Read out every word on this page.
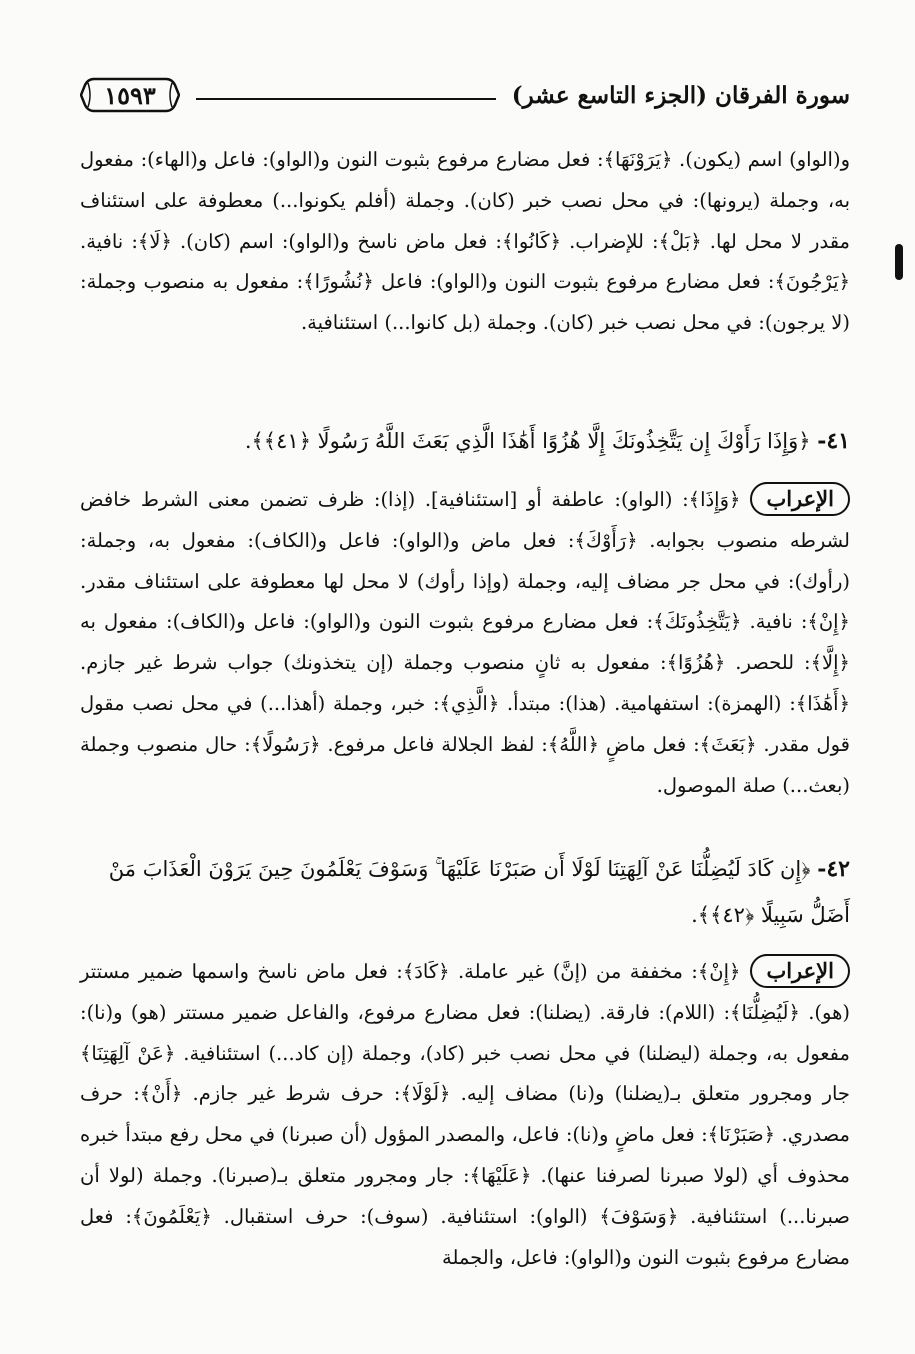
سورة الفرقان (الجزء التاسع عشر)
١٥٩٣
و(الواو) اسم (يكون). ﴿يَرَوْنَهَا﴾: فعل مضارع مرفوع بثبوت النون و(الواو): فاعل و(الهاء): مفعول به، وجملة (يرونها): في محل نصب خبر (كان). وجملة (أفلم يكونوا...) معطوفة على استئناف مقدر لا محل لها. ﴿بَلْ﴾: للإضراب. ﴿كَانُوا﴾: فعل ماض ناسخ و(الواو): اسم (كان). ﴿لَا﴾: نافية. ﴿يَرْجُونَ﴾: فعل مضارع مرفوع بثبوت النون و(الواو): فاعل ﴿نُشُورًا﴾: مفعول به منصوب وجملة: (لا يرجون): في محل نصب خبر (كان). وجملة (بل كانوا...) استئنافية.
٤١- ﴿وَإِذَا رَأَوْكَ إِن يَتَّخِذُونَكَ إِلَّا هُزُوًا أَهَٰذَا الَّذِي بَعَثَ اللَّهُ رَسُولًا ﴿٤١﴾﴾.
الإعراب﴿وَإِذَا﴾: (الواو): عاطفة أو [استئنافية]. (إذا): ظرف تضمن معنى الشرط خافض لشرطه منصوب بجوابه. ﴿رَأَوْكَ﴾: فعل ماض و(الواو): فاعل و(الكاف): مفعول به، وجملة: (رأوك): في محل جر مضاف إليه، وجملة (وإذا رأوك) لا محل لها معطوفة على استئناف مقدر. ﴿إِنْ﴾: نافية. ﴿يَتَّخِذُونَكَ﴾: فعل مضارع مرفوع بثبوت النون و(الواو): فاعل و(الكاف): مفعول به ﴿إِلَّا﴾: للحصر. ﴿هُزُوًا﴾: مفعول به ثانٍ منصوب وجملة (إن يتخذونك) جواب شرط غير جازم. ﴿أَهَٰذَا﴾: (الهمزة): استفهامية. (هذا): مبتدأ. ﴿الَّذِي﴾: خبر، وجملة (أهذا...) في محل نصب مقول قول مقدر. ﴿بَعَثَ﴾: فعل ماضٍ ﴿اللَّهُ﴾: لفظ الجلالة فاعل مرفوع. ﴿رَسُولًا﴾: حال منصوب وجملة (بعث...) صلة الموصول.
٤٢- ﴿إِن كَادَ لَيُضِلُّنَا عَنْ آلِهَتِنَا لَوْلَا أَن صَبَرْنَا عَلَيْهَا ۚ وَسَوْفَ يَعْلَمُونَ حِينَ يَرَوْنَ الْعَذَابَ مَنْ أَضَلُّ سَبِيلًا ﴿٤٢﴾﴾.
الإعراب﴿إِنْ﴾: مخففة من (إنَّ) غير عاملة. ﴿كَادَ﴾: فعل ماض ناسخ واسمها ضمير مستتر (هو). ﴿لَيُضِلُّنَا﴾: (اللام): فارقة. (يضلنا): فعل مضارع مرفوع، والفاعل ضمير مستتر (هو) و(نا): مفعول به، وجملة (ليضلنا) في محل نصب خبر (كاد)، وجملة (إن كاد...) استئنافية. ﴿عَنْ آلِهَتِنَا﴾ جار ومجرور متعلق بـ(يضلنا) و(نا) مضاف إليه. ﴿لَوْلَا﴾: حرف شرط غير جازم. ﴿أَنْ﴾: حرف مصدري. ﴿صَبَرْنَا﴾: فعل ماضٍ و(نا): فاعل، والمصدر المؤول (أن صبرنا) في محل رفع مبتدأ خبره محذوف أي (لولا صبرنا لصرفنا عنها). ﴿عَلَيْهَا﴾: جار ومجرور متعلق بـ(صبرنا). وجملة (لولا أن صبرنا...) استئنافية. ﴿وَسَوْفَ﴾ (الواو): استئنافية. (سوف): حرف استقبال. ﴿يَعْلَمُونَ﴾: فعل مضارع مرفوع بثبوت النون و(الواو): فاعل، والجملة
